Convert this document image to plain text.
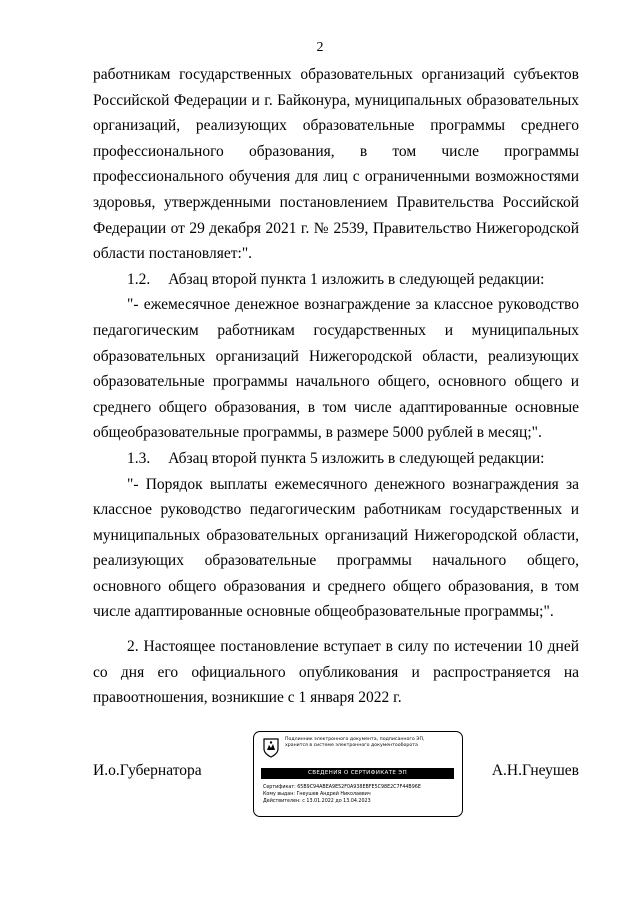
2

работникам государственных образовательных организаций субъектов Российской Федерации и г. Байконура, муниципальных образовательных организаций, реализующих образовательные программы среднего профессионального образования, в том числе программы профессионального обучения для лиц с ограниченными возможностями здоровья, утвержденными постановлением Правительства Российской Федерации от 29 декабря 2021 г. № 2539, Правительство Нижегородской области постановляет:".

1.2. Абзац второй пункта 1 изложить в следующей редакции:

"- ежемесячное денежное вознаграждение за классное руководство педагогическим работникам государственных и муниципальных образовательных организаций Нижегородской области, реализующих образовательные программы начального общего, основного общего и среднего общего образования, в том числе адаптированные основные общеобразовательные программы, в размере 5000 рублей в месяц;".

1.3. Абзац второй пункта 5 изложить в следующей редакции:

"- Порядок выплаты ежемесячного денежного вознаграждения за классное руководство педагогическим работникам государственных и муниципальных образовательных организаций Нижегородской области, реализующих образовательные программы начального общего, основного общего образования и среднего общего образования, в том числе адаптированные основные общеобразовательные программы;".

2. Настоящее постановление вступает в силу по истечении 10 дней со дня его официального опубликования и распространяется на правоотношения, возникшие с 1 января 2022 г.

И.о.Губернатора	А.Н.Гнеушев
Подлинник электронного документа, подписанного ЭП,
хранится в системе электронного документооборота
СВЕДЕНИЯ О СЕРТИФИКАТЕ ЭП
Сертификат: 65B9C94ABEA9E52F0A938EBFE5C98E2C7F44B96E
Кому выдан: Гнеушев Андрей Николаевич
Действителен: с 13.01.2022 до 13.04.2023
